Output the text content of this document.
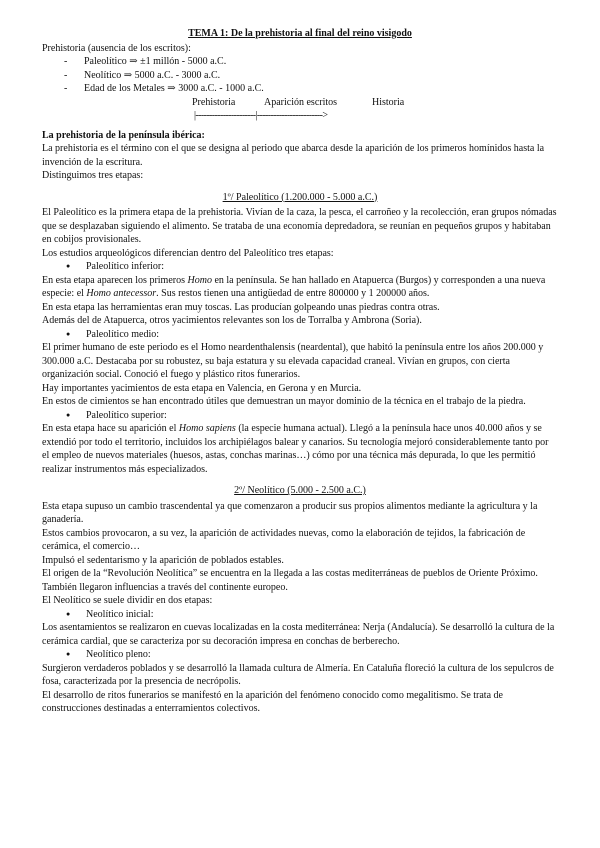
TEMA 1: De la prehistoria al final del reino visigodo

Prehistoria (ausencia de los escritos):

- Paleolítico ⇒ ±1 millón - 5000 a.C.
- Neolítico ⇒ 5000 a.C. - 3000 a.C.
- Edad de los Metales ⇒ 3000 a.C. - 1000 a.C.
Prehistoria	Aparición escritos	Historia
|----------------------|------------------------>

La prehistoria de la península ibérica:

La prehistoria es el término con el que se designa al periodo que abarca desde la aparición de los primeros homínidos hasta la invención de la escritura.

Distinguimos tres etapas:

1º/ Paleolítico (1.200.000 - 5.000 a.C.)

El Paleolítico es la primera etapa de la prehistoria. Vivían de la caza, la pesca, el carroñeo y la recolección, eran grupos nómadas que se desplazaban siguiendo el alimento. Se trataba de una economía depredadora, se reunían en pequeños grupos y habitaban en cobijos provisionales.

Los estudios arqueológicos diferencian dentro del Paleolítico tres etapas:

● Paleolítico inferior:

En esta etapa aparecen los primeros Homo en la península. Se han hallado en Atapuerca (Burgos) y corresponden a una nueva especie: el Homo antecessor. Sus restos tienen una antigüedad de entre 800000 y 1 200000 años.

En esta etapa las herramientas eran muy toscas. Las producían golpeando unas piedras contra otras.

Además del de Atapuerca, otros yacimientos relevantes son los de Torralba y Ambrona (Soria).

● Paleolítico medio:

El primer humano de este periodo es el Homo neardenthalensis (neardental), que habitó la península entre los años 200.000 y 300.000 a.C. Destacaba por su robustez, su baja estatura y su elevada capacidad craneal. Vivían en grupos, con cierta organización social. Conoció el fuego y plástico ritos funerarios.

Hay importantes yacimientos de esta etapa en Valencia, en Gerona y en Murcia.

En estos de cimientos se han encontrado útiles que demuestran un mayor dominio de la técnica en el trabajo de la piedra.

● Paleolítico superior:

En esta etapa hace su aparición el Homo sapiens (la especie humana actual). Llegó a la península hace unos 40.000 años y se extendió por todo el territorio, incluidos los archipiélagos balear y canarios. Su tecnología mejoró considerablemente tanto por el empleo de nuevos materiales (huesos, astas, conchas marinas…) cómo por una técnica más depurada, lo que les permitió realizar instrumentos más especializados.

2º/ Neolítico (5.000 - 2.500 a.C.)

Esta etapa supuso un cambio trascendental ya que comenzaron a producir sus propios alimentos mediante la agricultura y la ganadería.

Estos cambios provocaron, a su vez, la aparición de actividades nuevas, como la elaboración de tejidos, la fabricación de cerámica, el comercio…

Impulsó el sedentarismo y la aparición de poblados estables.

El origen de la “Revolución Neolítica” se encuentra en la llegada a las costas mediterráneas de pueblos de Oriente Próximo. También llegaron influencias a través del continente europeo.

El Neolítico se suele dividir en dos etapas:

● Neolítico inicial:

Los asentamientos se realizaron en cuevas localizadas en la costa mediterránea: Nerja (Andalucía). Se desarrolló la cultura de la cerámica cardial, que se caracteriza por su decoración impresa en conchas de berberecho.

● Neolítico pleno:

Surgieron verdaderos poblados y se desarrolló la llamada cultura de Almería. En Cataluña floreció la cultura de los sepulcros de fosa, caracterizada por la presencia de necrópolis.

El desarrollo de ritos funerarios se manifestó en la aparición del fenómeno conocido como megalitismo. Se trata de construcciones destinadas a enterramientos colectivos.
